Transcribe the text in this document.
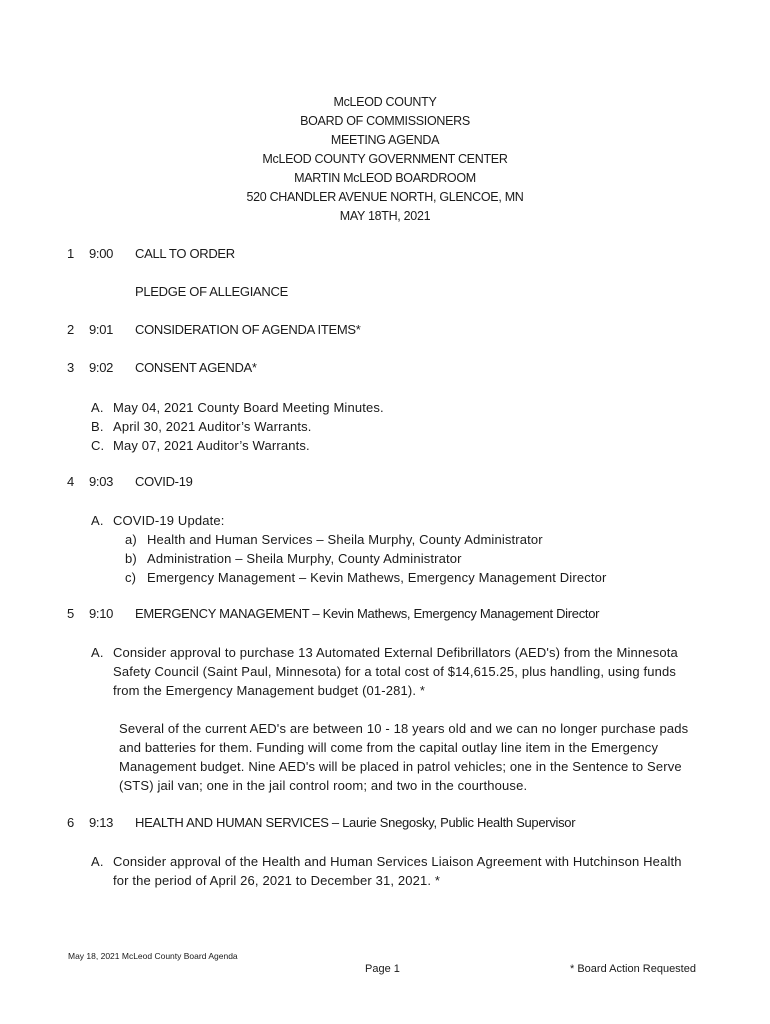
McLEOD COUNTY
BOARD OF COMMISSIONERS
MEETING AGENDA
McLEOD COUNTY GOVERNMENT CENTER
MARTIN McLEOD BOARDROOM
520 CHANDLER AVENUE NORTH, GLENCOE, MN
MAY 18TH, 2021
1 9:00 CALL TO ORDER
PLEDGE OF ALLEGIANCE
2 9:01 CONSIDERATION OF AGENDA ITEMS*
3 9:02 CONSENT AGENDA*
A. May 04, 2021 County Board Meeting Minutes.
B. April 30, 2021 Auditor’s Warrants.
C. May 07, 2021 Auditor’s Warrants.
4 9:03 COVID-19
A. COVID-19 Update:
a) Health and Human Services – Sheila Murphy, County Administrator
b) Administration – Sheila Murphy, County Administrator
c) Emergency Management – Kevin Mathews, Emergency Management Director
5 9:10 EMERGENCY MANAGEMENT – Kevin Mathews, Emergency Management Director
A. Consider approval to purchase 13 Automated External Defibrillators (AED's) from the Minnesota
Safety Council (Saint Paul, Minnesota) for a total cost of $14,615.25, plus handling, using funds
from the Emergency Management budget (01-281). *
Several of the current AED's are between 10 - 18 years old and we can no longer purchase pads
and batteries for them. Funding will come from the capital outlay line item in the Emergency
Management budget. Nine AED's will be placed in patrol vehicles; one in the Sentence to Serve
(STS) jail van; one in the jail control room; and two in the courthouse.
6 9:13 HEALTH AND HUMAN SERVICES – Laurie Snegosky, Public Health Supervisor
A. Consider approval of the Health and Human Services Liaison Agreement with Hutchinson Health
for the period of April 26, 2021 to December 31, 2021. *
May 18, 2021 McLeod County Board Agenda
Page 1	* Board Action Requested
